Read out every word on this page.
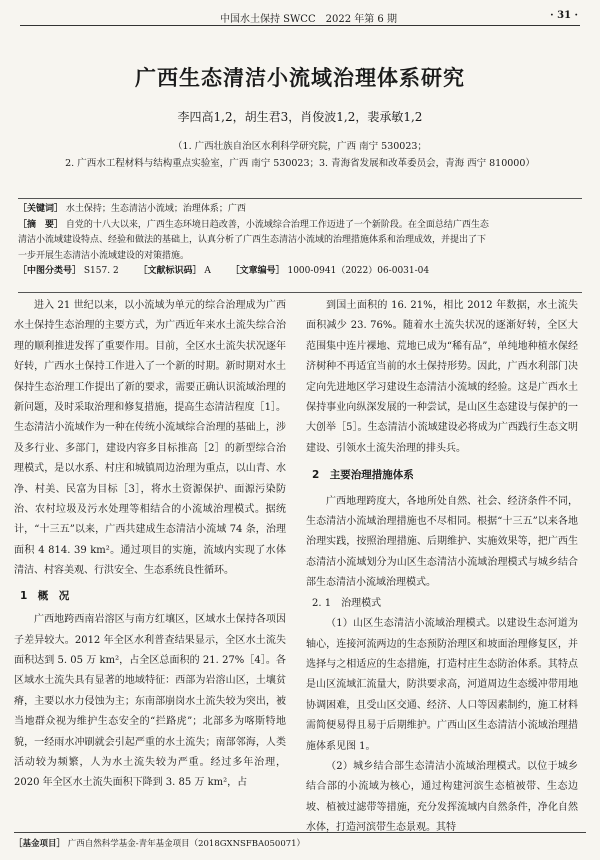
中国水土保持 SWCC　2022 年第 6 期	· 31 ·
广西生态清洁小流域治理体系研究
李四高1,2，胡生君3，肖俊波1,2，裴承敏1,2
（1. 广西壮族自治区水利科学研究院，广西 南宁 530023；
2. 广西水工程材料与结构重点实验室，广西 南宁 530023；3. 青海省发展和改革委员会，青海 西宁 810000）
［关键词］ 水土保持；生态清洁小流域；治理体系；广西
［摘　要］ 自党的十八大以来，广西生态环境日趋改善，小流域综合治理工作迈进了一个新阶段。在全面总结广西生态
清洁小流域建设特点、经验和做法的基础上，认真分析了广西生态清洁小流域的治理措施体系和治理成效，并提出了下
一步开展生态清洁小流域建设的对策措施。
［中图分类号］ S157. 2 ［文献标识码］ A ［文章编号］ 1000-0941（2022）06-0031-04

进入 21 世纪以来，以小流域为单元的综合治理成为广西水土保持生态治理的主要方式，为广西近年来水土流失综合治理的顺利推进发挥了重要作用。目前，全区水土流失状况逐年好转，广西水土保持工作进入了一个新的时期。新时期对水土保持生态治理工作提出了新的要求，需要正确认识流域治理的新问题，及时采取治理和修复措施，提高生态清洁程度［1］。生态清洁小流域作为一种在传统小流域综合治理的基础上，涉及多行业、多部门，建设内容多目标推高［2］的新型综合治理模式，是以水系、村庄和城镇周边治理为重点，以山青、水净、村美、民富为目标［3］，将水土资源保护、面源污染防治、农村垃圾及污水处理等相结合的小流域治理模式。据统计，“十三五”以来，广西共建成生态清洁小流域 74 条，治理面积 4 814. 39 km²。通过项目的实施，流域内实现了水体清洁、村容美观、行洪安全、生态系统良性循环。

1　概　况

广西地跨西南岩溶区与南方红壤区，区域水土保持各项因子差异较大。2012 年全区水利普查结果显示，全区水土流失面积达到 5. 05 万 km²，占全区总面积的 21. 27%［4］。各区域水土流失具有显著的地域特征：西部为岩溶山区，土壤贫瘠，主要以水力侵蚀为主；东南部崩岗水土流失较为突出，被当地群众视为维护生态安全的“拦路虎”；北部多为喀斯特地貌，一经雨水冲刷就会引起严重的水土流失；南部邻海，人类活动较为频繁，人为水土流失较为严重。经过多年治理，2020 年全区水土流失面积下降到 3. 85 万 km²，占

到国土面积的 16. 21%，相比 2012 年数据，水土流失面积减少 23. 76%。随着水土流失状况的逐渐好转，全区大范围集中连片裸地、荒地已成为“稀有品”，单纯地种植水保经济树种不再适宜当前的水土保持形势。因此，广西水利部门决定向先进地区学习建设生态清洁小流域的经验。这是广西水土保持事业向纵深发展的一种尝试，是山区生态建设与保护的一大创举［5］。生态清洁小流域建设必将成为广西践行生态文明建设、引领水土流失治理的排头兵。

2　主要治理措施体系

广西地理跨度大，各地所处自然、社会、经济条件不同，生态清洁小流域治理措施也不尽相同。根据“十三五”以来各地治理实践，按照治理措施、后期维护、实施效果等，把广西生态清洁小流域划分为山区生态清洁小流域治理模式与城乡结合部生态清洁小流域治理模式。

2. 1　治理模式

（1）山区生态清洁小流域治理模式。以建设生态河道为轴心，连接河流两边的生态预防治理区和坡面治理修复区，并选择与之相适应的生态措施，打造村庄生态防治体系。其特点是山区流域汇流量大，防洪要求高，河道周边生态缓冲带用地协调困难，且受山区交通、经济、人口等因素制约，施工材料需简便易得且易于后期维护。广西山区生态清洁小流域治理措施体系见图 1。

（2）城乡结合部生态清洁小流域治理模式。以位于城乡结合部的小流域为核心，通过构建河滨生态植被带、生态边坡、植被过滤带等措施，充分发挥流域内自然条件，净化自然水体，打造河滨带生态景观。其特

［基金项目］ 广西自然科学基金-青年基金项目（2018GXNSFBA050071）
